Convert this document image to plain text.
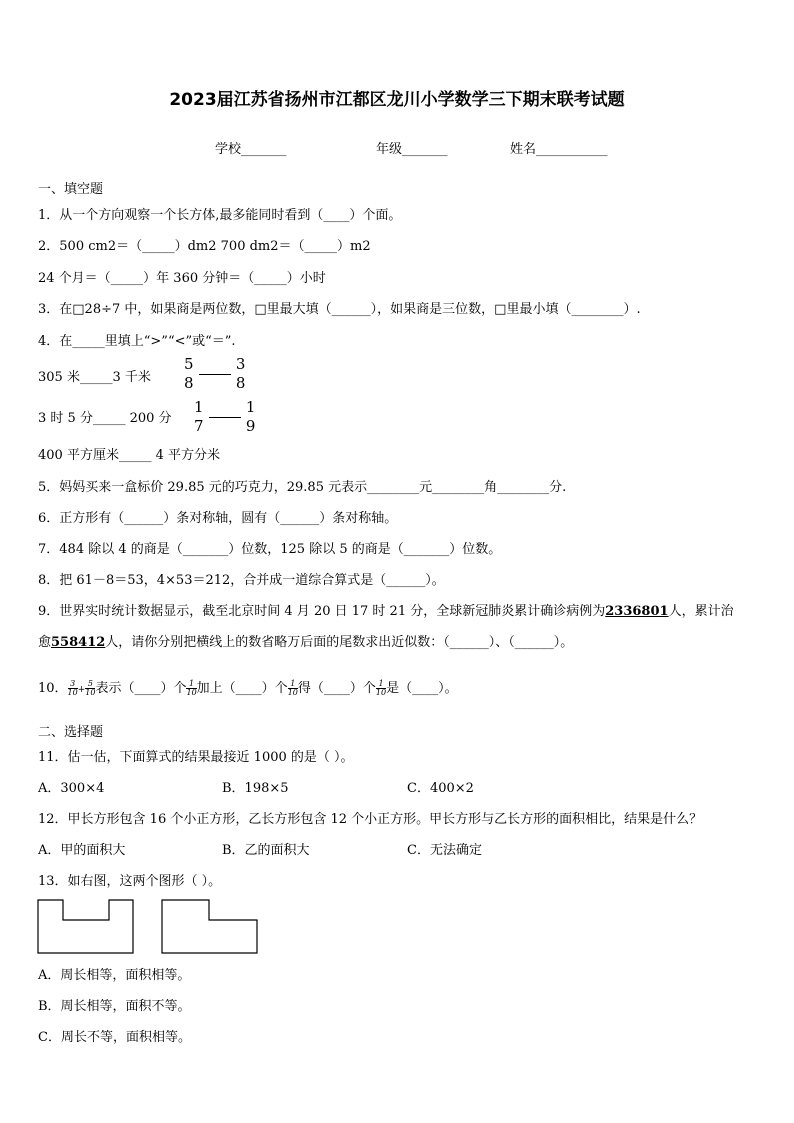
2023届江苏省扬州市江都区龙川小学数学三下期末联考试题
学校_______	年级_______	姓名___________
一、填空题
1．从一个方向观察一个长方体,最多能同时看到（____）个面。
2．500 cm2＝（_____）dm2 700 dm2＝（_____）m2
24 个月＝（_____）年 360 分钟＝（_____）小时
3．在□28÷7 中，如果商是两位数，□里最大填（______），如果商是三位数，□里最小填（________）.
4．在_____里填上“>”“<”或“＝”.
305 米_____3 千米
5
8

3
8
3 时 5 分_____ 200 分
1
7

1
9
400 平方厘米_____ 4 平方分米
5．妈妈买来一盒标价 29.85 元的巧克力，29.85 元表示________元________角________分.
6．正方形有（______）条对称轴，圆有（______）条对称轴。
7．484 除以 4 的商是（_______）位数，125 除以 5 的商是（_______）位数。
8．把 61－8＝53，4×53＝212，合并成一道综合算式是（______）。
9．世界实时统计数据显示，截至北京时间 4 月 20 日 17 时 21 分，全球新冠肺炎累计确诊病例为2336801人，累计治
愈558412人，请你分别把横线上的数省略万后面的尾数求出近似数：（______）、（______）。
10． $\frac{3}{10} + \frac{5}{10}$ 表示（____）个 $\frac{1}{10}$ 加上（____）个 $\frac{1}{10}$ 得（____）个 $\frac{1}{10}$ 是（____）。
二、选择题
11．估一估，下面算式的结果最接近 1000 的是（ ）。
A．300×4	B．198×5	C．400×2
12．甲长方形包含 16 个小正方形，乙长方形包含 12 个小正方形。甲长方形与乙长方形的面积相比，结果是什么？
A．甲的面积大	B．乙的面积大	C．无法确定
13．如右图，这两个图形（ ）。
A．周长相等，面积相等。
B．周长相等，面积不等。
C．周长不等，面积相等。
